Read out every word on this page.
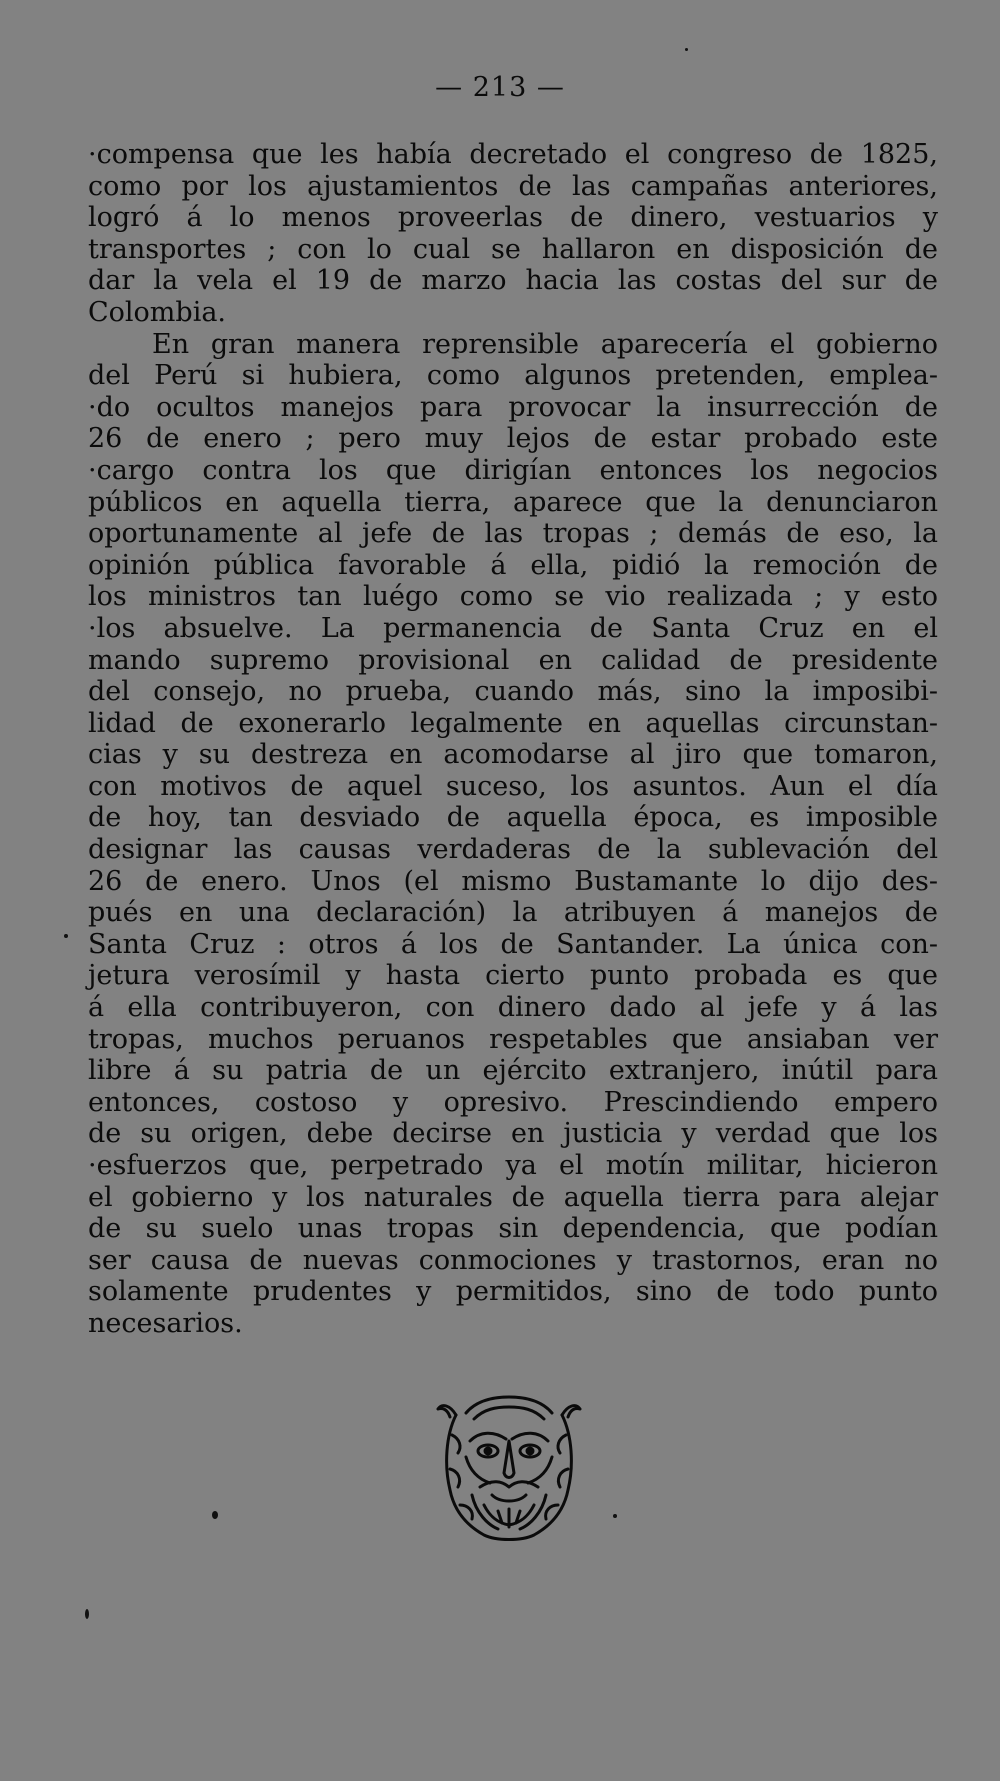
— 213 —
·compensa que les había decretado el congreso de 1825,
como por los ajustamientos de las campañas anteriores,
logró á lo menos proveerlas de dinero, vestuarios y
transportes ; con lo cual se hallaron en disposición de
dar la vela el 19 de marzo hacia las costas del sur de
Colombia.
En gran manera reprensible aparecería el gobierno
del Perú si hubiera, como algunos pretenden, emplea-
·do ocultos manejos para provocar la insurrección de
26 de enero ; pero muy lejos de estar probado este
·cargo contra los que dirigían entonces los negocios
públicos en aquella tierra, aparece que la denunciaron
oportunamente al jefe de las tropas ; demás de eso, la
opinión pública favorable á ella, pidió la remoción de
los ministros tan luégo como se vio realizada ; y esto
·los absuelve. La permanencia de Santa Cruz en el
mando supremo provisional en calidad de presidente
del consejo, no prueba, cuando más, sino la imposibi-
lidad de exonerarlo legalmente en aquellas circunstan-
cias y su destreza en acomodarse al jiro que tomaron,
con motivos de aquel suceso, los asuntos. Aun el día
de hoy, tan desviado de aquella época, es imposible
designar las causas verdaderas de la sublevación del
26 de enero. Unos (el mismo Bustamante lo dijo des-
pués en una declaración) la atribuyen á manejos de
Santa Cruz : otros á los de Santander. La única con-
jetura verosímil y hasta cierto punto probada es que
á ella contribuyeron, con dinero dado al jefe y á las
tropas, muchos peruanos respetables que ansiaban ver
libre á su patria de un ejército extranjero, inútil para
entonces, costoso y opresivo. Prescindiendo empero
de su origen, debe decirse en justicia y verdad que los
·esfuerzos que, perpetrado ya el motín militar, hicieron
el gobierno y los naturales de aquella tierra para alejar
de su suelo unas tropas sin dependencia, que podían
ser causa de nuevas conmociones y trastornos, eran no
solamente prudentes y permitidos, sino de todo punto
necesarios.
